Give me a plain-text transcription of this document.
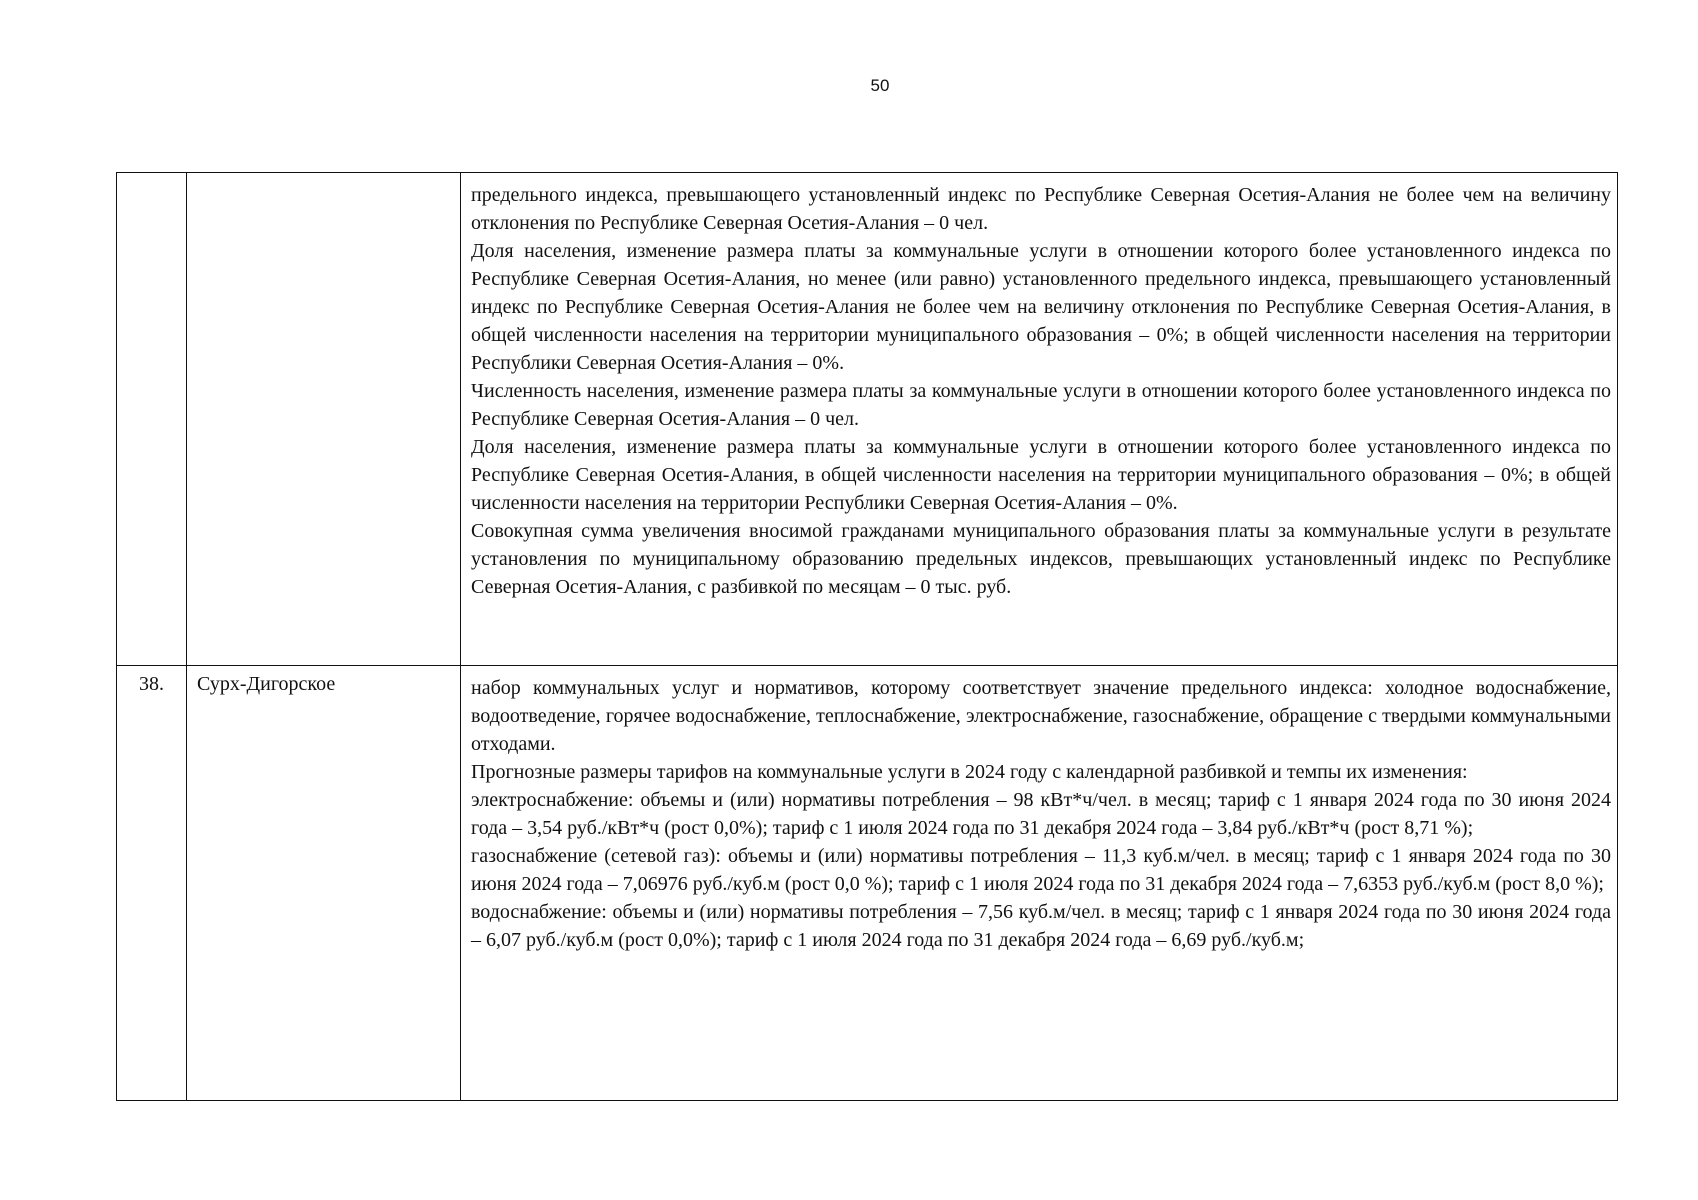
50

		предельного индекса, превышающего установленный индекс по Республике Северная Осетия-Алания не более чем на величину отклонения по Республике Северная Осетия-Алания – 0 чел.

Доля населения, изменение размера платы за коммунальные услуги в отношении которого более установленного индекса по Республике Северная Осетия-Алания, но менее (или равно) установленного предельного индекса, превышающего установленный индекс по Республике Северная Осетия-Алания не более чем на величину отклонения по Республике Северная Осетия-Алания, в общей численности населения на территории муниципального образования – 0%; в общей численности населения на территории Республики Северная Осетия-Алания – 0%.

Численность населения, изменение размера платы за коммунальные услуги в отношении которого более установленного индекса по Республике Северная Осетия-Алания – 0 чел.

Доля населения, изменение размера платы за коммунальные услуги в отношении которого более установленного индекса по Республике Северная Осетия-Алания, в общей численности населения на территории муниципального образования – 0%; в общей численности населения на территории Республики Северная Осетия-Алания – 0%.

Совокупная сумма увеличения вносимой гражданами муниципального образования платы за коммунальные услуги в результате установления по муниципальному образованию предельных индексов, превышающих установленный индекс по Республике Северная Осетия-Алания, с разбивкой по месяцам – 0 тыс. руб.

38.	Сурх-Дигорское	набор коммунальных услуг и нормативов, которому соответствует значение предельного индекса: холодное водоснабжение, водоотведение, горячее водоснабжение, теплоснабжение, электроснабжение, газоснабжение, обращение с твердыми коммунальными отходами.

Прогнозные размеры тарифов на коммунальные услуги в 2024 году с календарной разбивкой и темпы их изменения:

электроснабжение: объемы и (или) нормативы потребления – 98 кВт*ч/чел. в месяц; тариф с 1 января 2024 года по 30 июня 2024 года – 3,54 руб./кВт*ч (рост 0,0%); тариф с 1 июля 2024 года по 31 декабря 2024 года – 3,84 руб./кВт*ч (рост 8,71 %);

газоснабжение (сетевой газ): объемы и (или) нормативы потребления – 11,3 куб.м/чел. в месяц; тариф с 1 января 2024 года по 30 июня 2024 года – 7,06976 руб./куб.м (рост 0,0 %); тариф с 1 июля 2024 года по 31 декабря 2024 года – 7,6353 руб./куб.м (рост 8,0 %);

водоснабжение: объемы и (или) нормативы потребления – 7,56 куб.м/чел. в месяц; тариф с 1 января 2024 года по 30 июня 2024 года – 6,07 руб./куб.м (рост 0,0%); тариф с 1 июля 2024 года по 31 декабря 2024 года – 6,69 руб./куб.м;
